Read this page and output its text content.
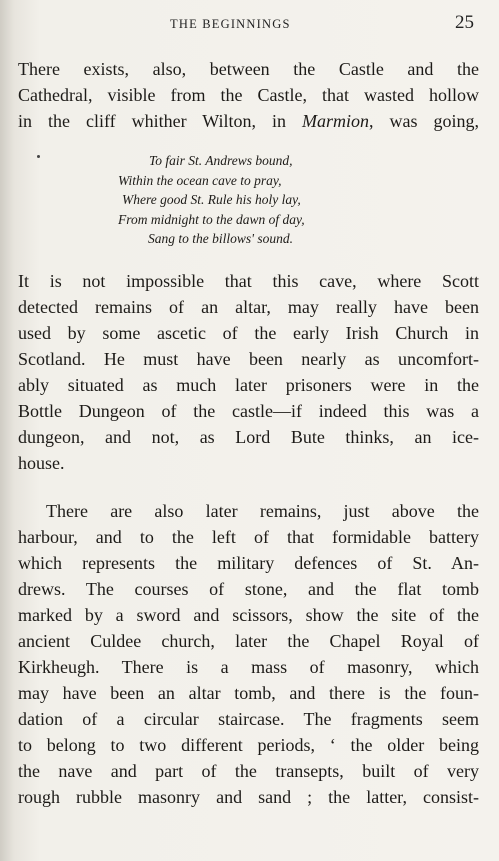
THE BEGINNINGS	25
There exists, also, between the Castle and the
Cathedral, visible from the Castle, that wasted hollow
in the cliff whither Wilton, in Marmion, was going,
To fair St. Andrews bound,
Within the ocean cave to pray,
Where good St. Rule his holy lay,
From midnight to the dawn of day,
Sang to the billows' sound.
It is not impossible that this cave, where Scott
detected remains of an altar, may really have been
used by some ascetic of the early Irish Church in
Scotland. He must have been nearly as uncomfort-
ably situated as much later prisoners were in the
Bottle Dungeon of the castle—if indeed this was a
dungeon, and not, as Lord Bute thinks, an ice-
house.
There are also later remains, just above the
harbour, and to the left of that formidable battery
which represents the military defences of St. An-
drews. The courses of stone, and the flat tomb
marked by a sword and scissors, show the site of the
ancient Culdee church, later the Chapel Royal of
Kirkheugh. There is a mass of masonry, which
may have been an altar tomb, and there is the foun-
dation of a circular staircase. The fragments seem
to belong to two different periods, ‘ the older being
the nave and part of the transepts, built of very
rough rubble masonry and sand ; the latter, consist-
